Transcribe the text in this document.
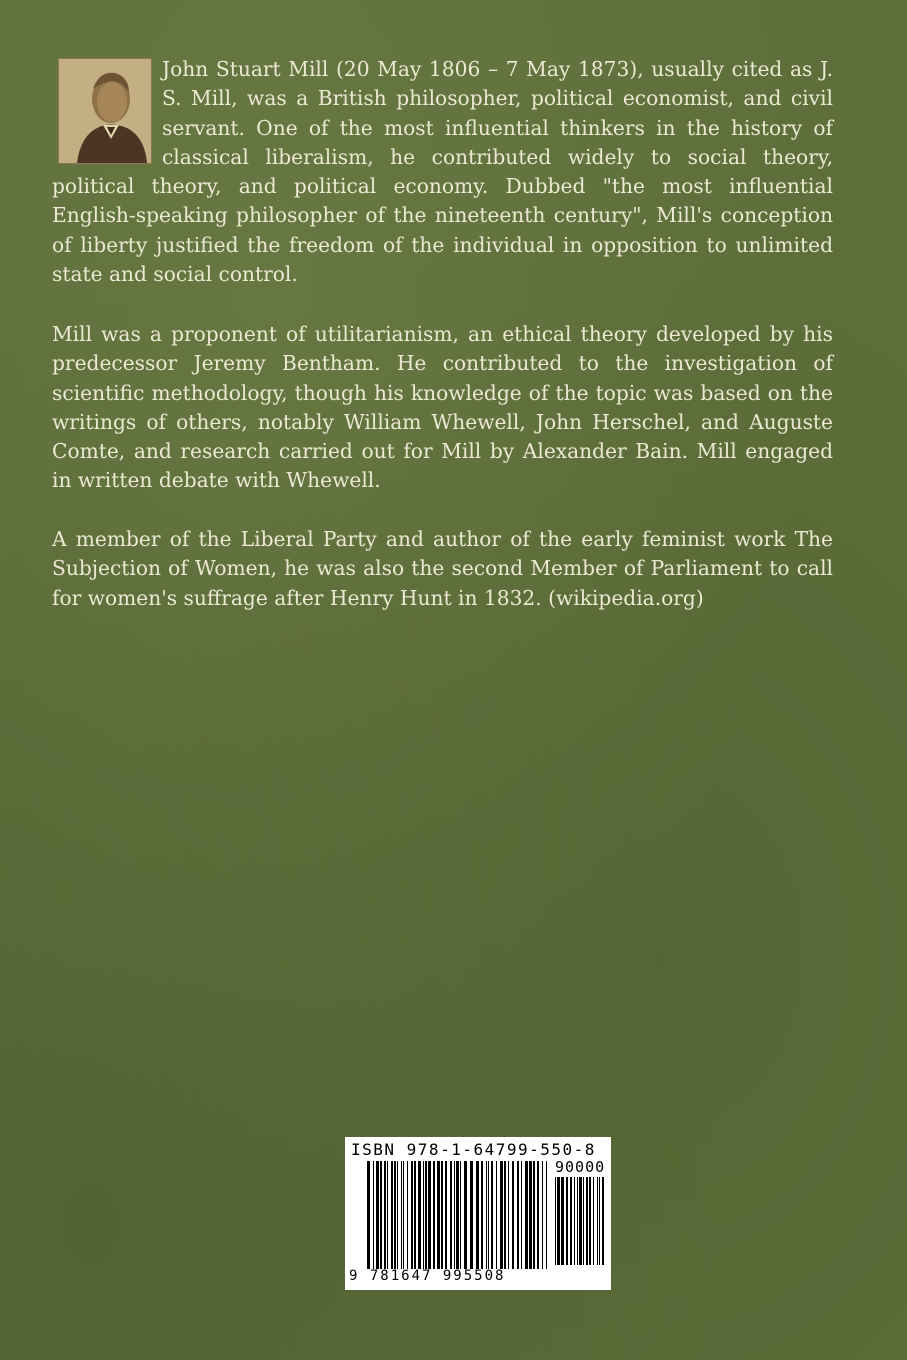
John Stuart Mill (20 May 1806 – 7 May 1873), usually cited as J. S. Mill, was a British philosopher, political economist, and civil servant. One of the most influential thinkers in the history of classical liberalism, he contributed widely to social theory, political theory, and political economy. Dubbed "the most influential English-speaking philosopher of the nineteenth century", Mill's conception of liberty justified the freedom of the individual in opposition to unlimited state and social control.
Mill was a proponent of utilitarianism, an ethical theory developed by his predecessor Jeremy Bentham. He contributed to the investigation of scientific methodology, though his knowledge of the topic was based on the writings of others, notably William Whewell, John Herschel, and Auguste Comte, and research carried out for Mill by Alexander Bain. Mill engaged in written debate with Whewell.
A member of the Liberal Party and author of the early feminist work The Subjection of Women, he was also the second Member of Parliament to call for women's suffrage after Henry Hunt in 1832. (wikipedia.org)
ISBN 978-1-64799-550-8
90000
9 781647 995508
